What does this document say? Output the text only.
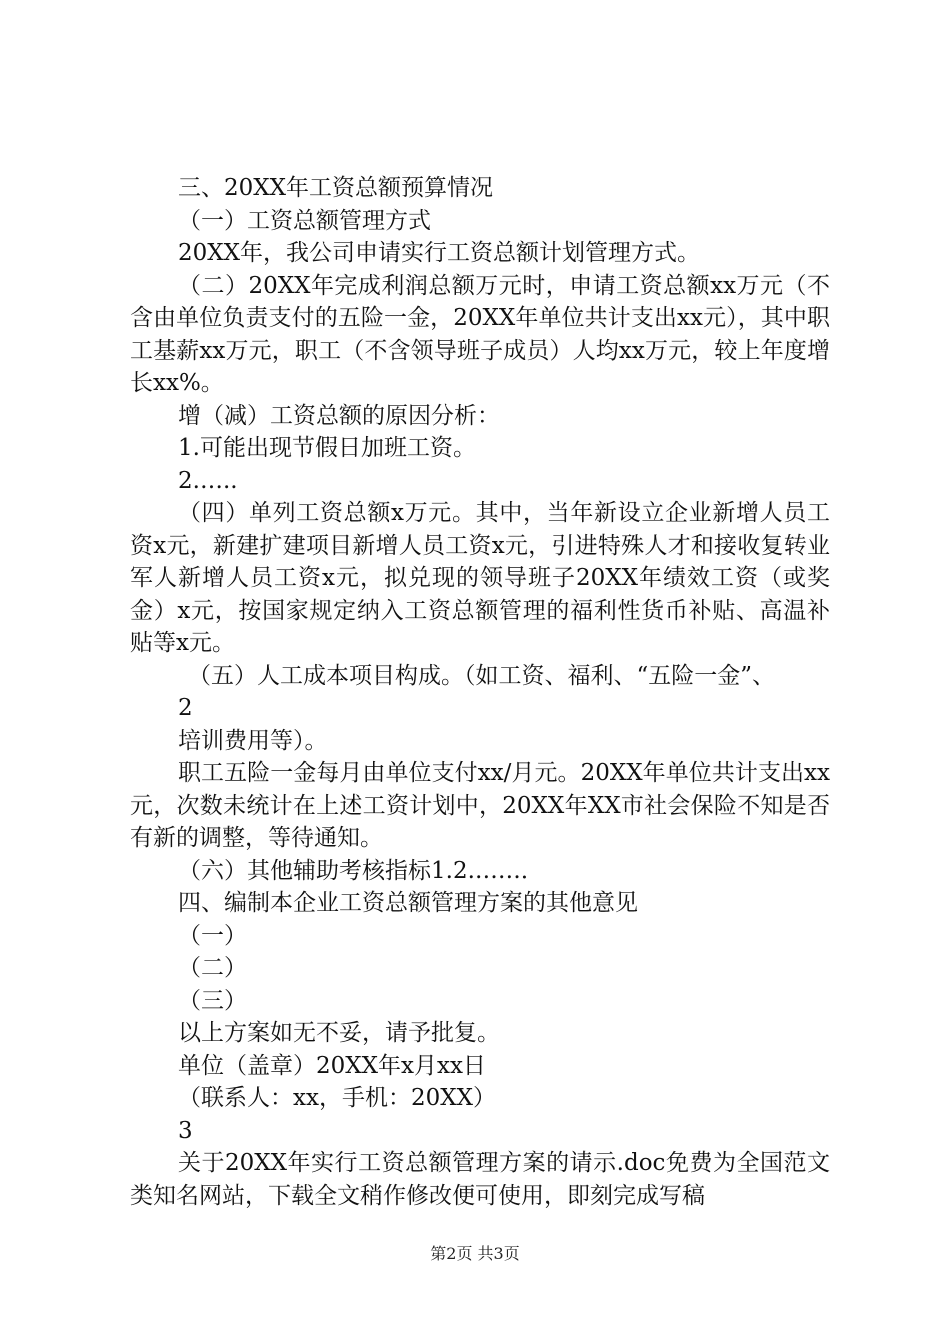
三、20XX年工资总额预算情况

（一）工资总额管理方式

20XX年，我公司申请实行工资总额计划管理方式。

（二）20XX年完成利润总额万元时，申请工资总额xx万元（不含由单位负责支付的五险一金，20XX年单位共计支出xx元），其中职工基薪xx万元，职工（不含领导班子成员）人均xx万元，较上年度增长xx%。

增（减）工资总额的原因分析：

1.可能出现节假日加班工资。

2.…..

（四）单列工资总额x万元。其中，当年新设立企业新增人员工资x元，新建扩建项目新增人员工资x元，引进特殊人才和接收复转业军人新增人员工资x元，拟兑现的领导班子20XX年绩效工资（或奖金）x元，按国家规定纳入工资总额管理的福利性货币补贴、高温补贴等x元。

（五）人工成本项目构成。（如工资、福利、“五险一金”、

2

培训费用等）。

职工五险一金每月由单位支付xx/月元。20XX年单位共计支出xx元，次数未统计在上述工资计划中，20XX年XX市社会保险不知是否有新的调整，等待通知。

（六）其他辅助考核指标1.2.……．

四、编制本企业工资总额管理方案的其他意见

（一）

（二）

（三）

以上方案如无不妥，请予批复。

单位（盖章）20XX年x月xx日

（联系人：xx，手机：20XX）

3

关于20XX年实行工资总额管理方案的请示.doc免费为全国范文类知名网站，下载全文稍作修改便可使用，即刻完成写稿

第2页 共3页
